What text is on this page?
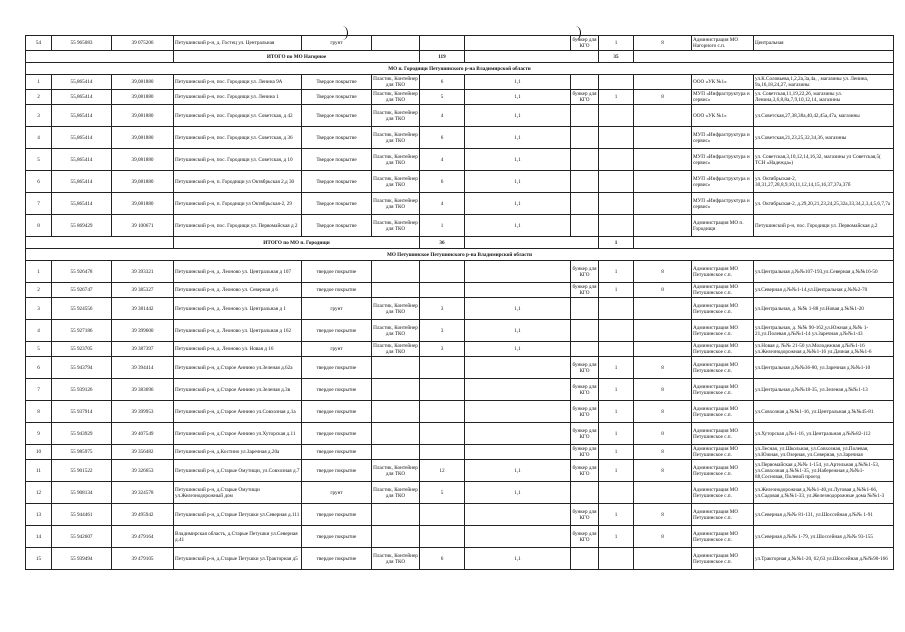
54	55 965083	39 075206	Петушинский р-н, д. Гостец ул. Центральная	грунт				бункер для КГО	1	8	Администрация МО Нагорного с.п.	Центральная
			ИТОГО по МО Нагорное			119			35			
МО п. Городищи Петушинского р-на Владимирской области												
1	55,865414	39,081880	Петушинский р-н, пос. Городищи ул. Ленина 9А	Твердое покрытие	Пластик, Контейнер для ТКО	6	1,1				ООО «УК №1»	ул.К.Соловьева,1,2,2а,3а,4а, , магазины ул. Ленина, 9а,16,18,24,27, магазины
2	55,865414	39,081880	Петушинский р-н, пос. Городищи ул. Ленина 1	Твердое покрытие	Пластик, Контейнер для ТКО	5	1,1	бункер для КГО	1	8	МУП «Инфраструктура и сервис»	ул. Советская,11,19,22,26, магазины ул. Ленина,3,6,8,8а,7,9,10,12,14, магазины
3	55,865414	39,081880	Петушинский р-н, пос. Городищи ул. Советская, д 42	Твердое покрытие	Пластик, Контейнер для ТКО	4	1,1				ООО «УК №1»	ул.Советская,27,38,38а,40,42,45а,47а, магазины
4	55,865414	39,081880	Петушинский р-н, пос. Городищи ул. Советская, д 36	Твердое покрытие	Пластик, Контейнер для ТКО	6	1,1				МУП «Инфраструктура и сервис»	ул.Советская,21,23,25,32,34,36, магазины
5	55,865414	39,081880	Петушинский р-н, пос. Городищи ул. Советская, д 10	Твердое покрытие	Пластик, Контейнер для ТКО	4	1,1				МУП «Инфраструктура и сервис»	ул. Советская,3,10,12,14,16,32, магазины ул Советская,5( ТСН «Надежда»)
6	55,865414	39,081880	Петушинский р-н, п. Городищи ул Октябрьская 2,д 30	Твердое покрытие	Пластик, Контейнер для ТКО	6	1,1				МУП «Инфраструктура и сервис»	ул. Октябрьская-2, 30,31,27,28,8,9,10,11,12,14,15,16,37,37а,37б
7	55,865414	39,081880	Петушинский р-н, п. Городищи ул Октябрьская-2, 29	Твердое покрытие	Пластик, Контейнер для ТКО	4	1,1				МУП «Инфраструктура и сервис»	ул. Октябрьская-2, д.29,20,21,23,24,25,32а,33,34,2,3,4,5,6,7,7а
8	55 869429	39 100671	Петушинский р-н, пос. Городищи ул. Первомайская д 2	Твердое покрытие	Пластик, Контейнер для ТКО	1	1,1				Администрация МО п. Городищи	Петушинский р-н, пос. Городищи ул. Первомайская д.2
			ИТОГО по МО п. Городищи			36			1			
МО Петушинское Петушинского р-на Владимирской области												
1	55 926478	39 393321	Петушинский р-н, д. Леоново ул. Центральная д 107	твердое покрытие				бункер для КГО	1	8	Администрация МО Петушинское с.п.	ул.Центральная д.№№107-193,ул.Северная д.№№16-50
2	55 926747	39 385327	Петушинский р-н, д. Леоново ул. Северная д 6	твердое покрытие				бункер для КГО	1	8	Администрация МО Петушинское с.п.	ул.Северная д.№№1-14,ул.Центральная д.№№2-70
3	55 924556	39 381442	Петушинский р-н, д. Леоново ул. Центральная д 1	грунт	Пластик, Контейнер для ТКО	3	1,1				Администрация МО Петушинское с.п.	ул.Центральная, д. №№ 1-88 ул.Новая д.№№1-20
4	55 927186	39 399600	Петушинский р-н, д. Леоново ул. Центральная д 162	твердое покрытие	Пластик, Контейнер для ТКО	3	1,1				Администрация МО Петушинское с.п.	ул.Центральная, д. №№ 90-162,ул.Южная д.№№ 1-21,ул.Полевая д.№№1-14 ул.Заречная д.№№1-43
5	55 923705	39 387397	Петушинский р-н, д. Леоново ул. Новая д 16	грунт	Пластик, Контейнер для ТКО	3	1,1				Администрация МО Петушинское с.п.	ул.Новая д. №№ 21-50 ул.Молодежная д.№№1-16 ул.Железнодорожная д.№№1-16 ул.Дачная д.№№1-6
6	55 943794	39 394414	Петушинский р-н, д.Старое Аннино ул.Зеленая д.62а	твердое покрытие				бункер для КГО	1	8	Администрация МО Петушинское с.п.	ул.Центральная д.№№36-80, ул.Заречная д.№№1-10
7	55 939126	39 383696	Петушинский р-н, д.Старое Аннино ул.Зеленая д.3в	твердое покрытие				бункер для КГО	1	8	Администрация МО Петушинское с.п.	ул.Центральная д.№№18-35, ул.Зеленая д.№№1-13
8	55 937914	39 399953	Петушинский р-н, д.Старое Аннино ул.Совхозная д.1а	твердое покрытие				бункер для КГО	1	8	Администрация МО Петушинское с.п.	ул.Совхозная д.№№1-16, ул.Центральная д.№№45-81
9	55 943929	39 407549	Петушинский р-н, д.Старое Аннино ул.Хуторская д.11	твердое покрытие				бункер для КГО	1	8	Администрация МО Петушинское с.п.	ул.Хуторская д.№1-16, ул.Центральная д.№№82-112
10	55 985975	39 356482	Петушинский р-н, д.Костино ул.Заречная д.20а	твердое покрытие				бункер для КГО	1	8	Администрация МО Петушинское с.п.	ул.Лесная, ул.Школьная, ул.Совхозная, ул.Полевая, ул.Южная, ул.Озерная, ул.Северная, ул.Заречная
11	55 901522	39 326653	Петушинский р-н, д.Старые Омутищи, ул.Совхозная д.7	твердое покрытие	Пластик, Контейнер для ТКО	12	1,1	бункер для КГО	1	8	Администрация МО Петушинское с.п.	ул.Первомайская д.№№ 1-154, ул.Артельная д.№№1-53, ул.Совхозная д.№№1-35, ул.Набережная д.№№1-88,Сосновая, Полевой проезд
12	55 908134	39 324578	Петушинский р-н, д.Старые Омутищи ул.Железнодорожный дом	грунт	Пластик, Контейнер для ТКО	5	1,1				Администрация МО Петушинское с.п.	ул.Железнодорожная д.№№1-40,ул.Луговая д.№№1-66, ул.Садовая д.№№1-33, ул.Железнодорожные дома №№1-3
13	55 944461	39 495942	Петушинский р-н, д.Старые Петушки ул.Северная д.111	твердое покрытие				бункер для КГО	1	8	Администрация МО Петушинское с.п.	ул.Северная д.№№ 81-131, ул.Шоссейная д.№№ 1-91
14	55 942607	39 479164	Владимирская область, д.Старые Петушки ул.Северная д.41	твердое покрытие				бункер для КГО	1	8	Администрация МО Петушинское с.п.	ул.Северная д.№№ 1-79, ул.Шоссейная д.№№ 93-155
15	55 939494	39 479105	Петушинский р-н, д.Старые Петушки ул.Тракторная д5	твердое покрытие	Пластик, Контейнер для ТКО	6	1,1				Администрация МО Петушинское с.п.	ул.Тракторная д.№№1-20, 62,63 ул.Шоссейная д.№№90-166
